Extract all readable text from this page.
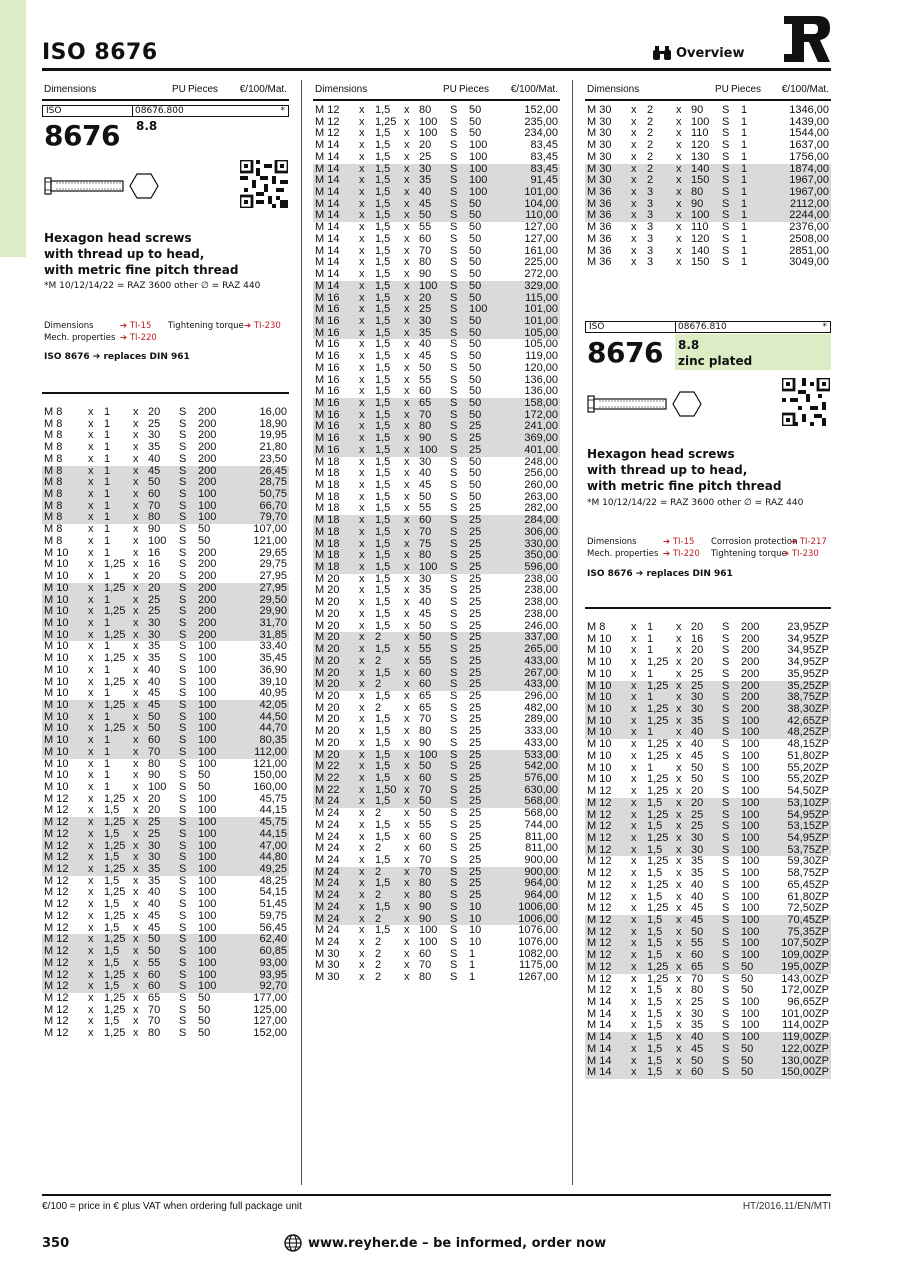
ISO 8676	Overview
Dimensions	PU Pieces €/100/Mat.	Dimensions	PU Pieces €/100/Mat.	Dimensions	PU Pieces €/100/Mat.
ISO	08676.800	*
8676 8.8
Hexagon head screws
with thread up to head,
with metric fine pitch thread
*M 10/12/14/22 = RAZ 3600 other ∅ = RAZ 440
Dimensions	➔ TI-15 Tightening torque ➔ TI-230
Mech. properties ➔ TI-220
ISO 8676 ➔ replaces DIN 961
M 8 x 1 x 20 S 200	16,00
M 8 x 1 x 25 S 200	18,90
M 8 x 1 x 30 S 200	19,95
M 8 x 1 x 35 S 200	21,80
M 8 x 1 x 40 S 200	23,50
M 8 x 1 x 45 S 200	26,45
M 8 x 1 x 50 S 200	28,75
M 8 x 1 x 60 S 100	50,75
M 8 x 1 x 70 S 100	66,70
M 8 x 1 x 80 S 100	79,70
M 8 x 1 x 90 S 50	107,00
M 8 x 1 x 100 S 50	121,00
M 10 x 1 x 16 S 200	29,65
M 10 x 1,25 x 16 S 200	29,75
M 10 x 1 x 20 S 200	27,95
M 10 x 1,25 x 20 S 200	27,95
M 10 x 1 x 25 S 200	29,50
M 10 x 1,25 x 25 S 200	29,90
M 10 x 1 x 30 S 200	31,70
M 10 x 1,25 x 30 S 200	31,85
M 10 x 1 x 35 S 100	33,40
M 10 x 1,25 x 35 S 100	35,45
M 10 x 1 x 40 S 100	36,90
M 10 x 1,25 x 40 S 100	39,10
M 10 x 1 x 45 S 100	40,95
M 10 x 1,25 x 45 S 100	42,05
M 10 x 1 x 50 S 100	44,50
M 10 x 1,25 x 50 S 100	44,70
M 10 x 1 x 60 S 100	80,35
M 10 x 1 x 70 S 100	112,00
M 10 x 1 x 80 S 100	121,00
M 10 x 1 x 90 S 50	150,00
M 10 x 1 x 100 S 50	160,00
M 12 x 1,25 x 20 S 100	45,75
M 12 x 1,5 x 20 S 100	44,15
M 12 x 1,25 x 25 S 100	45,75
M 12 x 1,5 x 25 S 100	44,15
M 12 x 1,25 x 30 S 100	47,00
M 12 x 1,5 x 30 S 100	44,80
M 12 x 1,25 x 35 S 100	49,25
M 12 x 1,5 x 35 S 100	48,25
M 12 x 1,25 x 40 S 100	54,15
M 12 x 1,5 x 40 S 100	51,45
M 12 x 1,25 x 45 S 100	59,75
M 12 x 1,5 x 45 S 100	56,45
M 12 x 1,25 x 50 S 100	62,40
M 12 x 1,5 x 50 S 100	60,85
M 12 x 1,5 x 55 S 100	93,00
M 12 x 1,25 x 60 S 100	93,95
M 12 x 1,5 x 60 S 100	92,70
M 12 x 1,25 x 65 S 50	177,00
M 12 x 1,25 x 70 S 50	125,00
M 12 x 1,5 x 70 S 50	127,00
M 12 x 1,25 x 80 S 50	152,00
M 12 x 1,5 x 80 S 50	152,00
M 12 x 1,25 x 100 S 50	235,00
M 12 x 1,5 x 100 S 50	234,00
M 14 x 1,5 x 20 S 100	83,45
M 14 x 1,5 x 25 S 100	83,45
M 14 x 1,5 x 30 S 100	83,45
M 14 x 1,5 x 35 S 100	91,45
M 14 x 1,5 x 40 S 100	101,00
M 14 x 1,5 x 45 S 50	104,00
M 14 x 1,5 x 50 S 50	110,00
M 14 x 1,5 x 55 S 50	127,00
M 14 x 1,5 x 60 S 50	127,00
M 14 x 1,5 x 70 S 50	161,00
M 14 x 1,5 x 80 S 50	225,00
M 14 x 1,5 x 90 S 50	272,00
M 14 x 1,5 x 100 S 50	329,00
M 16 x 1,5 x 20 S 50	115,00
M 16 x 1,5 x 25 S 100	101,00
M 16 x 1,5 x 30 S 50	101,00
M 16 x 1,5 x 35 S 50	105,00
M 16 x 1,5 x 40 S 50	105,00
M 16 x 1,5 x 45 S 50	119,00
M 16 x 1,5 x 50 S 50	120,00
M 16 x 1,5 x 55 S 50	136,00
M 16 x 1,5 x 60 S 50	136,00
M 16 x 1,5 x 65 S 50	158,00
M 16 x 1,5 x 70 S 50	172,00
M 16 x 1,5 x 80 S 25	241,00
M 16 x 1,5 x 90 S 25	369,00
M 16 x 1,5 x 100 S 25	401,00
M 18 x 1,5 x 30 S 50	248,00
M 18 x 1,5 x 40 S 50	256,00
M 18 x 1,5 x 45 S 50	260,00
M 18 x 1,5 x 50 S 50	263,00
M 18 x 1,5 x 55 S 25	282,00
M 18 x 1,5 x 60 S 25	284,00
M 18 x 1,5 x 70 S 25	306,00
M 18 x 1,5 x 75 S 25	330,00
M 18 x 1,5 x 80 S 25	350,00
M 18 x 1,5 x 100 S 25	596,00
M 20 x 1,5 x 30 S 25	238,00
M 20 x 1,5 x 35 S 25	238,00
M 20 x 1,5 x 40 S 25	238,00
M 20 x 1,5 x 45 S 25	238,00
M 20 x 1,5 x 50 S 25	246,00
M 20 x 2 x 50 S 25	337,00
M 20 x 1,5 x 55 S 25	265,00
M 20 x 2 x 55 S 25	433,00
M 20 x 1,5 x 60 S 25	267,00
M 20 x 2 x 60 S 25	433,00
M 20 x 1,5 x 65 S 25	296,00
M 20 x 2 x 65 S 25	482,00
M 20 x 1,5 x 70 S 25	289,00
M 20 x 1,5 x 80 S 25	333,00
M 20 x 1,5 x 90 S 25	433,00
M 20 x 1,5 x 100 S 25	533,00
M 22 x 1,5 x 50 S 25	542,00
M 22 x 1,5 x 60 S 25	576,00
M 22 x 1,50 x 70 S 25	630,00
M 24 x 1,5 x 50 S 25	568,00
M 24 x 2 x 50 S 25	568,00
M 24 x 1,5 x 55 S 25	744,00
M 24 x 1,5 x 60 S 25	811,00
M 24 x 2 x 60 S 25	811,00
M 24 x 1,5 x 70 S 25	900,00
M 24 x 2 x 70 S 25	900,00
M 24 x 1,5 x 80 S 25	964,00
M 24 x 2 x 80 S 25	964,00
M 24 x 1,5 x 90 S 10	1006,00
M 24 x 2 x 90 S 10	1006,00
M 24 x 1,5 x 100 S 10	1076,00
M 24 x 2 x 100 S 10	1076,00
M 30 x 2 x 60 S 1	1082,00
M 30 x 2 x 70 S 1	1175,00
M 30 x 2 x 80 S 1	1267,00
M 30 x 2 x 90 S 1	1346,00
M 30 x 2 x 100 S 1	1439,00
M 30 x 2 x 110 S 1	1544,00
M 30 x 2 x 120 S 1	1637,00
M 30 x 2 x 130 S 1	1756,00
M 30 x 2 x 140 S 1	1874,00
M 30 x 2 x 150 S 1	1967,00
M 36 x 3 x 80 S 1	1967,00
M 36 x 3 x 90 S 1	2112,00
M 36 x 3 x 100 S 1	2244,00
M 36 x 3 x 110 S 1	2376,00
M 36 x 3 x 120 S 1	2508,00
M 36 x 3 x 140 S 1	2851,00
M 36 x 3 x 150 S 1	3049,00
ISO	08676.810	*
8676 8.8
zinc plated
Hexagon head screws
with thread up to head,
with metric fine pitch thread
*M 10/12/14/22 = RAZ 3600 other ∅ = RAZ 440
Dimensions	➔ TI-15 Corrosion protection
➔ TI-217
Mech. properties ➔ TI-220 Tightening torque
➔ TI-230
ISO 8676 ➔ replaces DIN 961
M 8 x 1 x 20 S 200	23,95ZP
M 10 x 1 x 16 S 200	34,95ZP
M 10 x 1 x 20 S 200	34,95ZP
M 10 x 1,25 x 20 S 200	34,95ZP
M 10 x 1 x 25 S 200	35,95ZP
M 10 x 1,25 x 25 S 200	35,25ZP
M 10 x 1 x 30 S 200	38,75ZP
M 10 x 1,25 x 30 S 200	38,30ZP
M 10 x 1,25 x 35 S 100	42,65ZP
M 10 x 1 x 40 S 100	48,25ZP
M 10 x 1,25 x 40 S 100	48,15ZP
M 10 x 1,25 x 45 S 100	51,80ZP
M 10 x 1 x 50 S 100	55,20ZP
M 10 x 1,25 x 50 S 100	55,20ZP
M 12 x 1,25 x 20 S 100	54,50ZP
M 12 x 1,5 x 20 S 100	53,10ZP
M 12 x 1,25 x 25 S 100	54,95ZP
M 12 x 1,5 x 25 S 100	53,15ZP
M 12 x 1,25 x 30 S 100	54,95ZP
M 12 x 1,5 x 30 S 100	53,75ZP
M 12 x 1,25 x 35 S 100	59,30ZP
M 12 x 1,5 x 35 S 100	58,75ZP
M 12 x 1,25 x 40 S 100	65,45ZP
M 12 x 1,5 x 40 S 100	61,80ZP
M 12 x 1,25 x 45 S 100	72,50ZP
M 12 x 1,5 x 45 S 100	70,45ZP
M 12 x 1,5 x 50 S 100	75,35ZP
M 12 x 1,5 x 55 S 100 107,50ZP
M 12 x 1,5 x 60 S 100 109,00ZP
M 12 x 1,25 x 65 S 50	195,00ZP
M 12 x 1,25 x 70 S 50	143,00ZP
M 12 x 1,5 x 80 S 50	172,00ZP
M 14 x 1,5 x 25 S 100	96,65ZP
M 14 x 1,5 x 30 S 100 101,00ZP
M 14 x 1,5 x 35 S 100 114,00ZP
M 14 x 1,5 x 40 S 100 119,00ZP
M 14 x 1,5 x 45 S 50	122,00ZP
M 14 x 1,5 x 50 S 50	130,00ZP
M 14 x 1,5 x 60 S 50	150,00ZP
€/100 = price in € plus VAT when ordering full package unit	HT/2016.11/EN/MTI
350	www.reyher.de – be informed, order now
